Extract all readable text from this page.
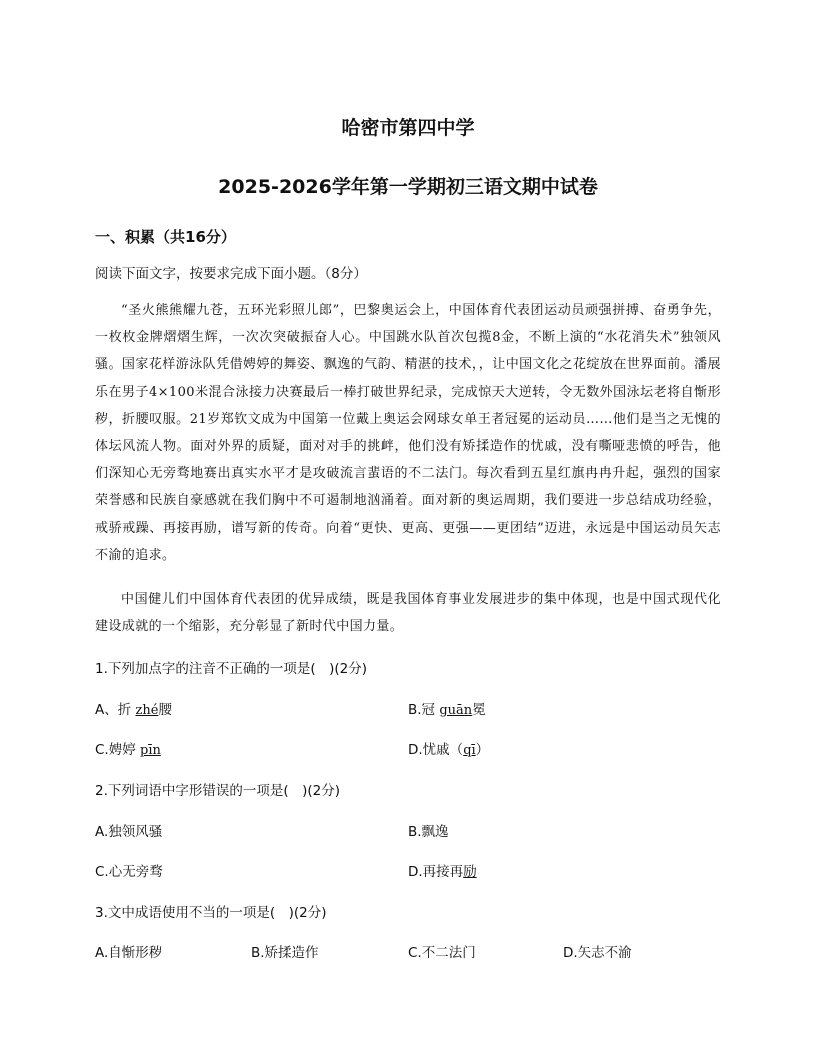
哈密市第四中学
2025-2026学年第一学期初三语文期中试卷
一、积累（共16分）
阅读下面文字，按要求完成下面小题。（8分）
“圣火熊熊耀九苍，五环光彩照儿郎”，巴黎奥运会上，中国体育代表团运动员顽强拼搏、奋勇争先，一枚枚金牌熠熠生辉，一次次突破振奋人心。中国跳水队首次包揽8金，不断上演的“水花消失术”独领风骚。国家花样游泳队凭借娉婷的舞姿、飘逸的气韵、精湛的技术，，让中国文化之花绽放在世界面前。潘展乐在男子4×100米混合泳接力决赛最后一棒打破世界纪录，完成惊天大逆转，令无数外国泳坛老将自惭形秽，折腰叹服。21岁郑钦文成为中国第一位戴上奥运会网球女单王者冠冕的运动员……他们是当之无愧的体坛风流人物。面对外界的质疑，面对对手的挑衅，他们没有矫揉造作的忧戚，没有嘶哑悲愤的呼告，他们深知心无旁骛地赛出真实水平才是攻破流言蜚语的不二法门。每次看到五星红旗冉冉升起，强烈的国家荣誉感和民族自豪感就在我们胸中不可遏制地汹涌着。面对新的奥运周期，我们要进一步总结成功经验，戒骄戒躁、再接再励，谱写新的传奇。向着“更快、更高、更强——更团结”迈进，永远是中国运动员矢志不渝的追求。
中国健儿们中国体育代表团的优异成绩，既是我国体育事业发展进步的集中体现，也是中国式现代化建设成就的一个缩影，充分彰显了新时代中国力量。
1.下列加点字的注音不正确的一项是(　)(2分)
A、折 zhé腰	B.冠 guān冕
C.娉婷 pīn	D.忧戚（qī）
2.下列词语中字形错误的一项是(　)(2分)
A.独领风骚	B.飘逸
C.心无旁骛	D.再接再励
3.文中成语使用不当的一项是(　)(2分)
A.自惭形秽	B.矫揉造作	C.不二法门	D.矢志不渝
